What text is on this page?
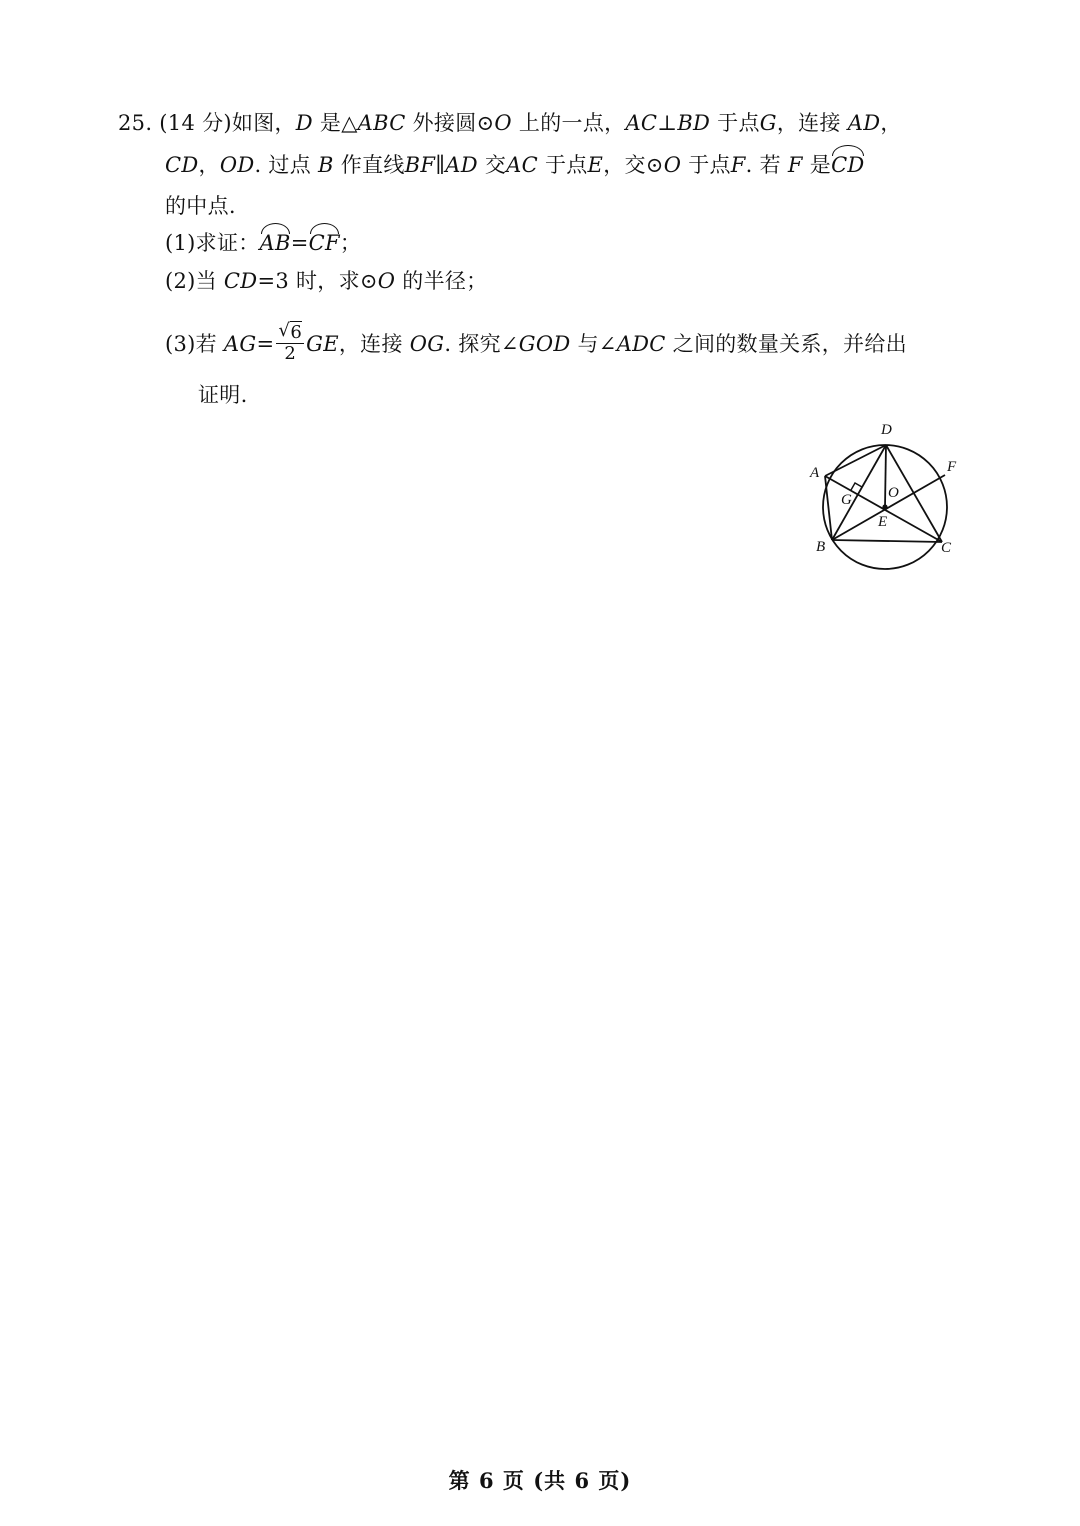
25. (14 分)如图，D 是△ABC 外接圆⊙O 上的一点，AC⊥BD 于点G，连接 AD，
CD，OD. 过点 B 作直线BF∥AD 交AC 于点E，交⊙O 于点F. 若 F 是CD
的中点.
(1)求证：AB=CF；
(2)当 CD=3 时，求⊙O 的半径；
(3)若 AG=
√ $\frac{6}{2}$ GE，连接 OG. 探究∠GOD 与∠ADC 之间的数量关系，并给出
证明.
D
A	F
G O
E
B	C
第 6 页 (共 6 页)
